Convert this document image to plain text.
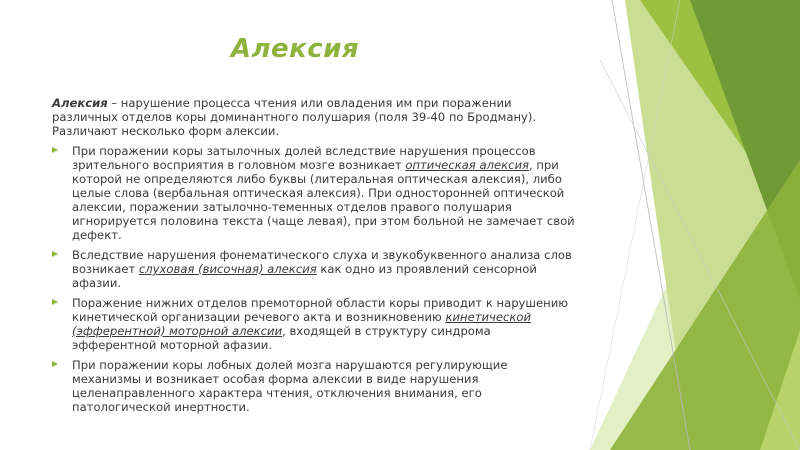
Алексия

Алексия – нарушение процесса чтения или овладения им при поражении различных отделов коры доминантного полушария (поля 39-40 по Бродману). Различают несколько форм алексии.

При поражении коры затылочных долей вследствие нарушения процессов зрительного восприятия в головном мозге возникает оптическая алексия, при которой не определяются либо буквы (литеральная оптическая алексия), либо целые слова (вербальная оптическая алексия). При односторонней оптической алексии, поражении затылочно-теменных отделов правого полушария игнорируется половина текста (чаще левая), при этом больной не замечает свой дефект.
Вследствие нарушения фонематического слуха и звукобуквенного анализа слов возникает слуховая (височная) алексия как одно из проявлений сенсорной афазии.
Поражение нижних отделов премоторной области коры приводит к нарушению кинетической организации речевого акта и возникновению кинетической (эфферентной) моторной алексии, входящей в структуру синдрома эфферентной моторной афазии.
При поражении коры лобных долей мозга нарушаются регулирующие механизмы и возникает особая форма алексии в виде нарушения целенаправленного характера чтения, отключения внимания, его патологической инертности.
